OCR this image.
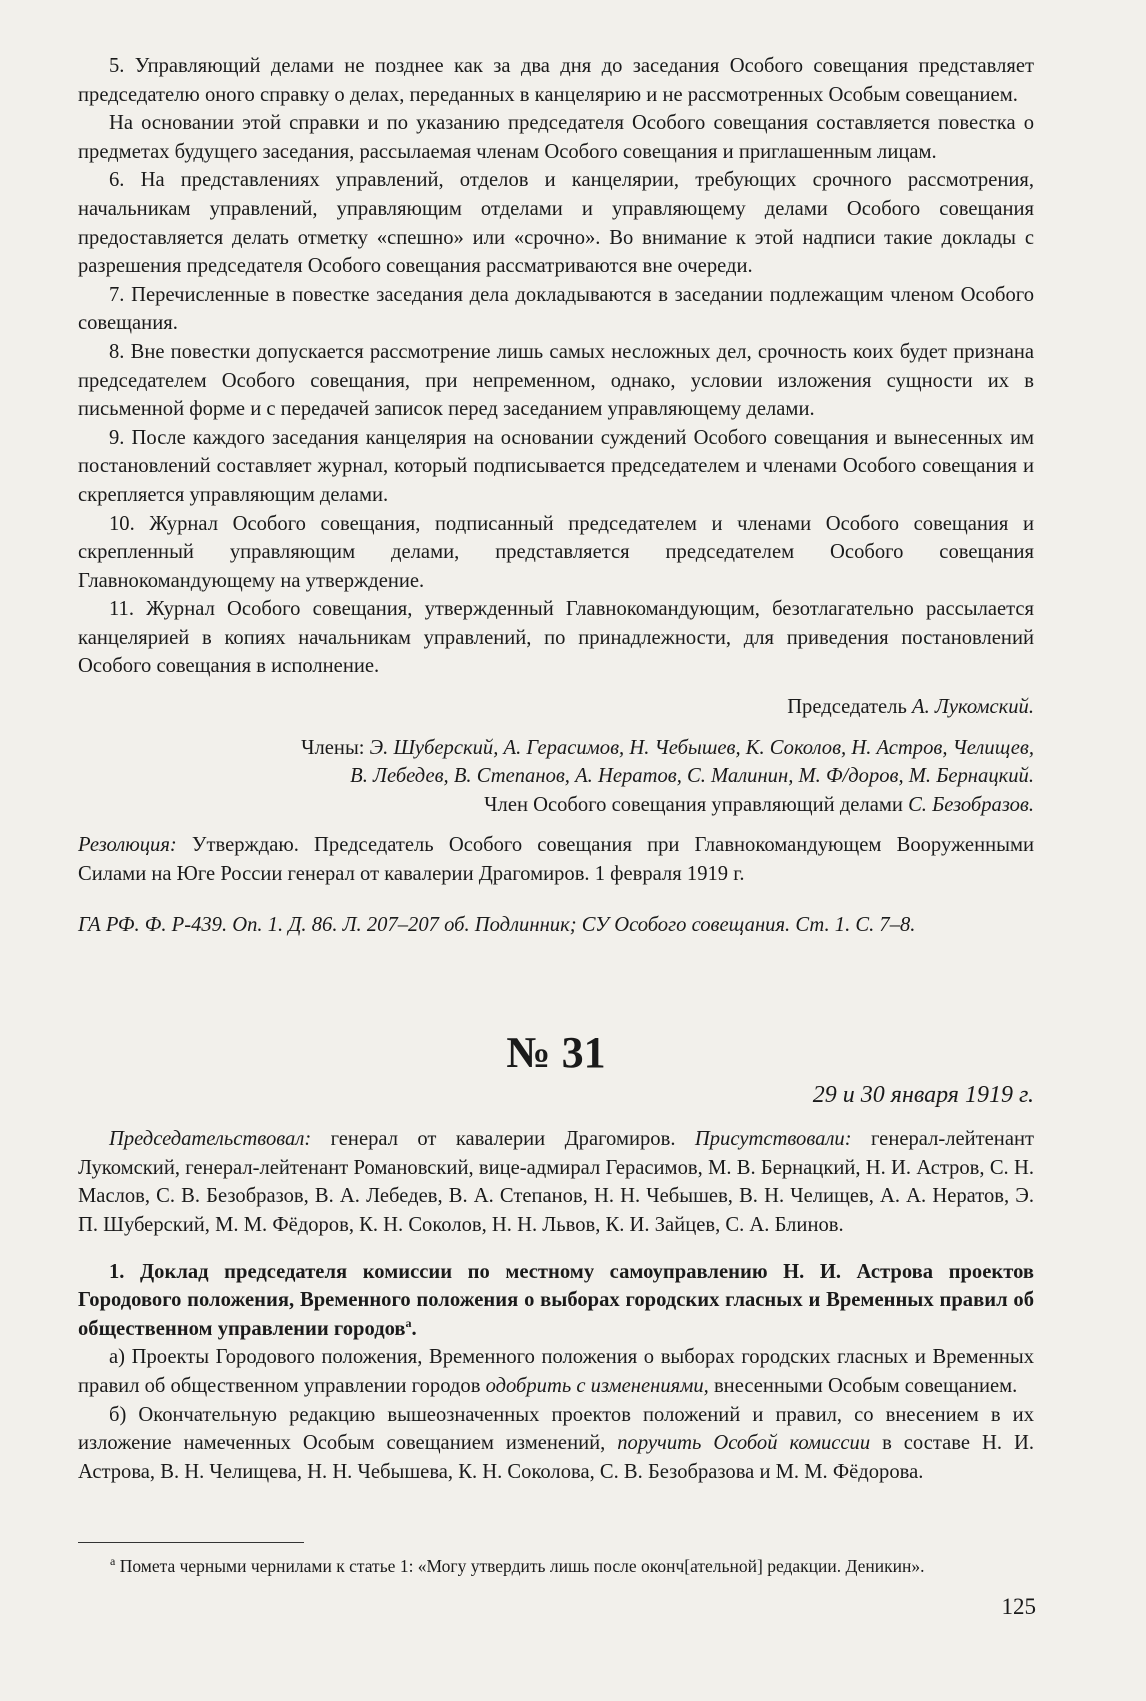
5. Управляющий делами не позднее как за два дня до заседания Особого совещания представляет председателю оного справку о делах, переданных в канцелярию и не рассмотренных Особым совещанием.

На основании этой справки и по указанию председателя Особого совещания составляется повестка о предметах будущего заседания, рассылаемая членам Особого совещания и приглашенным лицам.

6. На представлениях управлений, отделов и канцелярии, требующих срочного рассмотрения, начальникам управлений, управляющим отделами и управляющему делами Особого совещания предоставляется делать отметку «спешно» или «срочно». Во внимание к этой надписи такие доклады с разрешения председателя Особого совещания рассматриваются вне очереди.

7. Перечисленные в повестке заседания дела докладываются в заседании подлежащим членом Особого совещания.

8. Вне повестки допускается рассмотрение лишь самых несложных дел, срочность коих будет признана председателем Особого совещания, при непременном, однако, условии изложения сущности их в письменной форме и с передачей записок перед заседанием управляющему делами.

9. После каждого заседания канцелярия на основании суждений Особого совещания и вынесенных им постановлений составляет журнал, который подписывается председателем и членами Особого совещания и скрепляется управляющим делами.

10. Журнал Особого совещания, подписанный председателем и членами Особого совещания и скрепленный управляющим делами, представляется председателем Особого совещания Главнокомандующему на утверждение.

11. Журнал Особого совещания, утвержденный Главнокомандующим, безотлагательно рассылается канцелярией в копиях начальникам управлений, по принадлежности, для приведения постановлений Особого совещания в исполнение.

Председатель А. Лукомский.

Члены: Э. Шуберский, А. Герасимов, Н. Чебышев, К. Соколов, Н. Астров, Челищев,

В. Лебедев, В. Степанов, А. Нератов, С. Малинин, М. Ф/доров, М. Бернацкий.

Член Особого совещания управляющий делами С. Безобразов.

Резолюция: Утверждаю. Председатель Особого совещания при Главнокомандующем Вооруженными Силами на Юге России генерал от кавалерии Драгомиров. 1 февраля 1919 г.

ГА РФ. Ф. Р-439. Оп. 1. Д. 86. Л. 207–207 об. Подлинник; СУ Особого совещания. Ст. 1. С. 7–8.

№ 31
29 и 30 января 1919 г.

Председательствовал: генерал от кавалерии Драгомиров. Присутствовали: генерал-лейтенант Лукомский, генерал-лейтенант Романовский, вице-адмирал Герасимов, М. В. Бернацкий, Н. И. Астров, С. Н. Маслов, С. В. Безобразов, В. А. Лебедев, В. А. Степанов, Н. Н. Чебышев, В. Н. Челищев, А. А. Нератов, Э. П. Шуберский, М. М. Фёдоров, К. Н. Соколов, Н. Н. Львов, К. И. Зайцев, С. А. Блинов.

1. Доклад председателя комиссии по местному самоуправлению Н. И. Астрова проектов Городового положения, Временного положения о выборах городских гласных и Временных правил об общественном управлении городов$^а$.

а) Проекты Городового положения, Временного положения о выборах городских гласных и Временных правил об общественном управлении городов одобрить с изменениями, внесенными Особым совещанием.

б) Окончательную редакцию вышеозначенных проектов положений и правил, со внесением в их изложение намеченных Особым совещанием изменений, поручить Особой комиссии в составе Н. И. Астрова, В. Н. Челищева, Н. Н. Чебышева, К. Н. Соколова, С. В. Безобразова и М. М. Фёдорова.

$^а$ Помета черными чернилами к статье 1: «Могу утвердить лишь после оконч[ательной] редакции. Деникин».
125
